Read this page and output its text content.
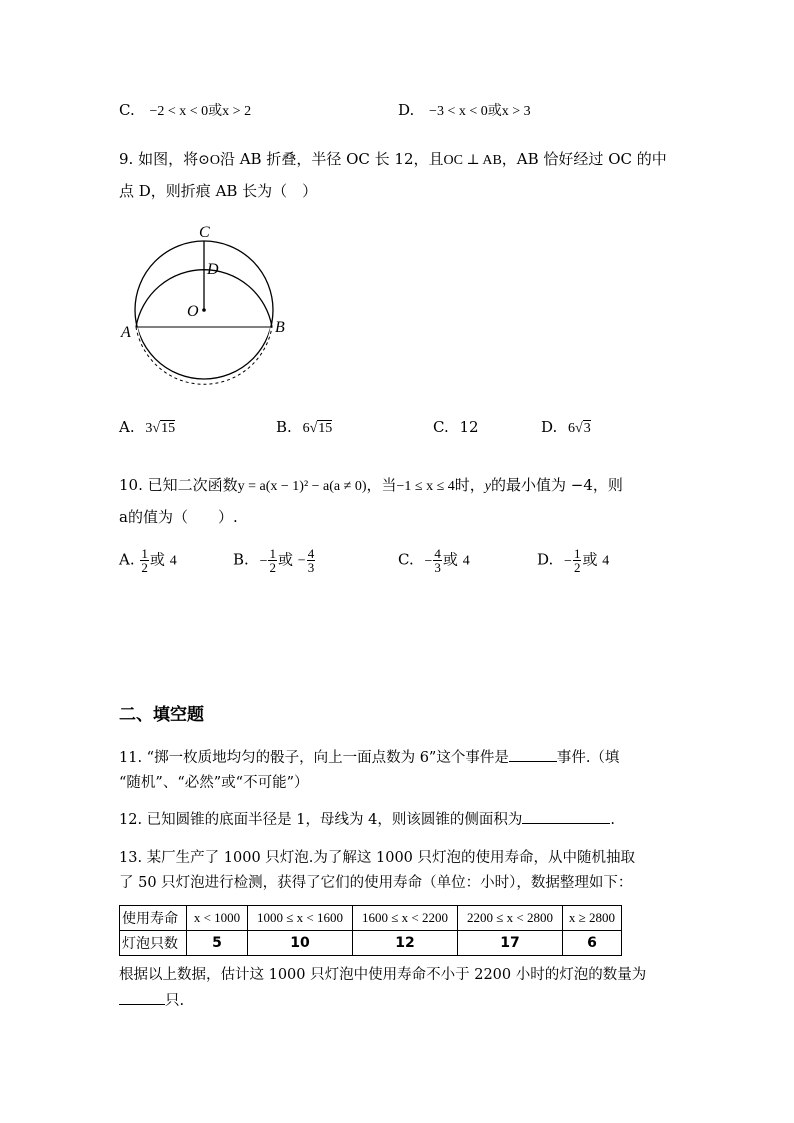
C. −2 < x < 0或x > 2	D. −3 < x < 0或x > 3
9. 如图，将⊙O沿 AB 折叠，半径 OC 长 12，且OC ⊥ AB，AB 恰好经过 OC 的中
点 D，则折痕 AB 长为（　）
C
D
O
A	B
A. 3√15	B. 6√15	C. 12	D. 6√3
10. 已知二次函数y = a(x − 1)² − a(a ≠ 0)，当−1 ≤ x ≤ 4时，y的最小值为 −4，则
a的值为（　　）.
A. $\frac{1}{2}$ 或 4	B. − $\frac{1}{2}$ 或 − $\frac{4}{3}$	C. − $\frac{4}{3}$ 或 4	D. − $\frac{1}{2}$ 或 4
二、填空题
11. “掷一枚质地均匀的骰子，向上一面点数为 6”这个事件是	事件.（填
“随机”、“必然”或“不可能”）
12. 已知圆锥的底面半径是 1，母线为 4，则该圆锥的侧面积为	.
13. 某厂生产了 1000 只灯泡.为了解这 1000 只灯泡的使用寿命，从中随机抽取
了 50 只灯泡进行检测，获得了它们的使用寿命（单位：小时），数据整理如下：
使用寿命	x < 1000	1000 ≤ x < 1600	1600 ≤ x < 2200	2200 ≤ x < 2800	x ≥ 2800
灯泡只数	5	10	12	17	6
根据以上数据，估计这 1000 只灯泡中使用寿命不小于 2200 小时的灯泡的数量为
只.
